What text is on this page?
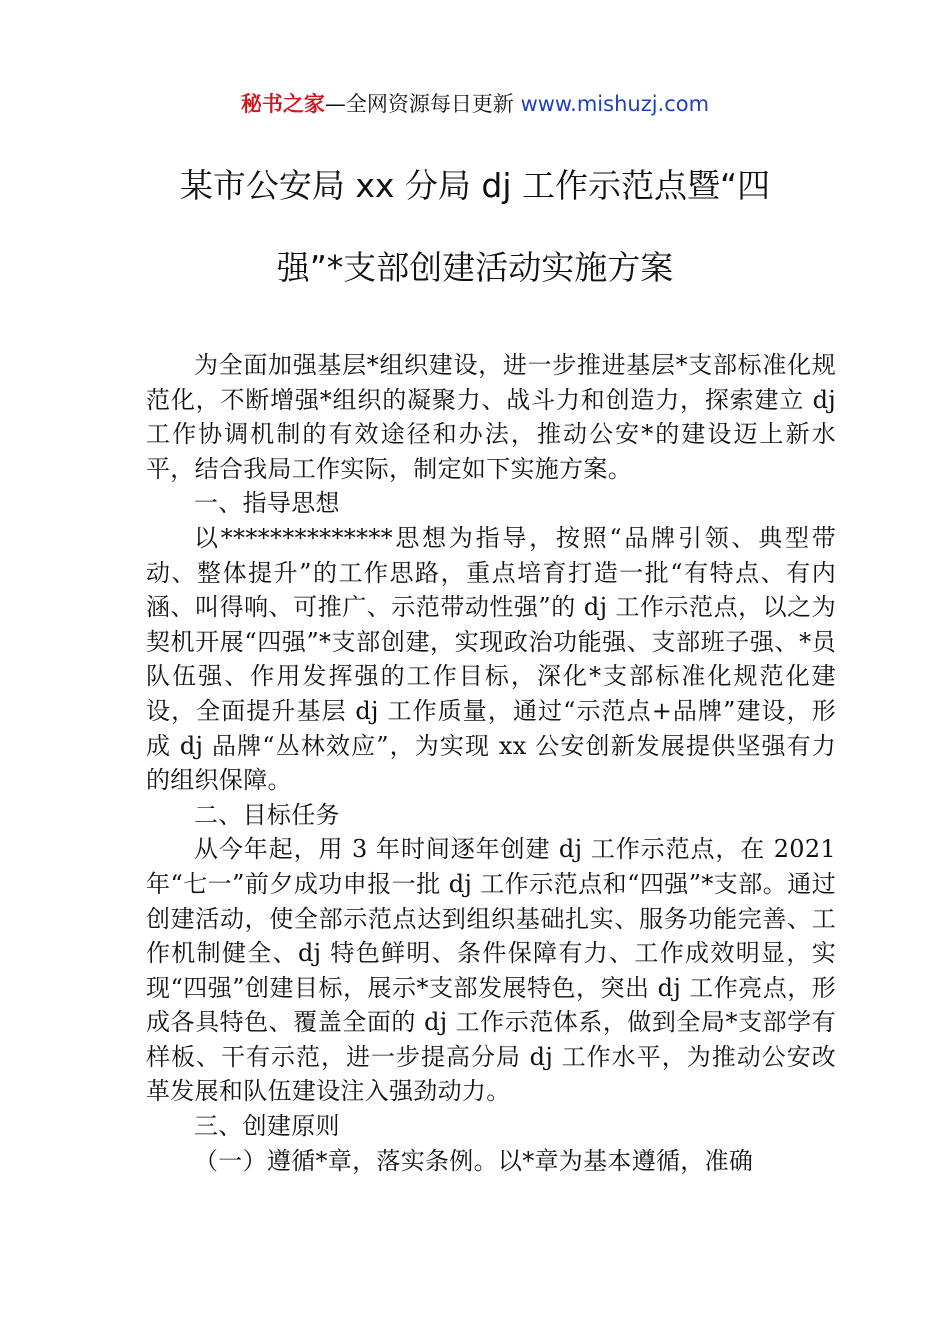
秘书之家—全网资源每日更新 www.mishuzj.com
某市公安局 xx 分局 dj 工作示范点暨“四
强”*支部创建活动实施方案

为全面加强基层*组织建设，进一步推进基层*支部标准化规范化，不断增强*组织的凝聚力、战斗力和创造力，探索建立 dj 工作协调机制的有效途径和办法，推动公安*的建设迈上新水平，结合我局工作实际，制定如下实施方案。

一、指导思想

以**************思想为指导，按照“品牌引领、典型带动、整体提升”的工作思路，重点培育打造一批“有特点、有内涵、叫得响、可推广、示范带动性强”的 dj 工作示范点，以之为契机开展“四强”*支部创建，实现政治功能强、支部班子强、*员队伍强、作用发挥强的工作目标，深化*支部标准化规范化建设，全面提升基层 dj 工作质量，通过“示范点+品牌”建设，形成 dj 品牌“丛林效应”，为实现 xx 公安创新发展提供坚强有力的组织保障。

二、目标任务

从今年起，用 3 年时间逐年创建 dj 工作示范点，在 2021 年“七一”前夕成功申报一批 dj 工作示范点和“四强”*支部。通过创建活动，使全部示范点达到组织基础扎实、服务功能完善、工作机制健全、dj 特色鲜明、条件保障有力、工作成效明显，实现“四强”创建目标，展示*支部发展特色，突出 dj 工作亮点，形成各具特色、覆盖全面的 dj 工作示范体系，做到全局*支部学有样板、干有示范，进一步提高分局 dj 工作水平，为推动公安改革发展和队伍建设注入强劲动力。

三、创建原则

（一）遵循*章，落实条例。以*章为基本遵循，准确
